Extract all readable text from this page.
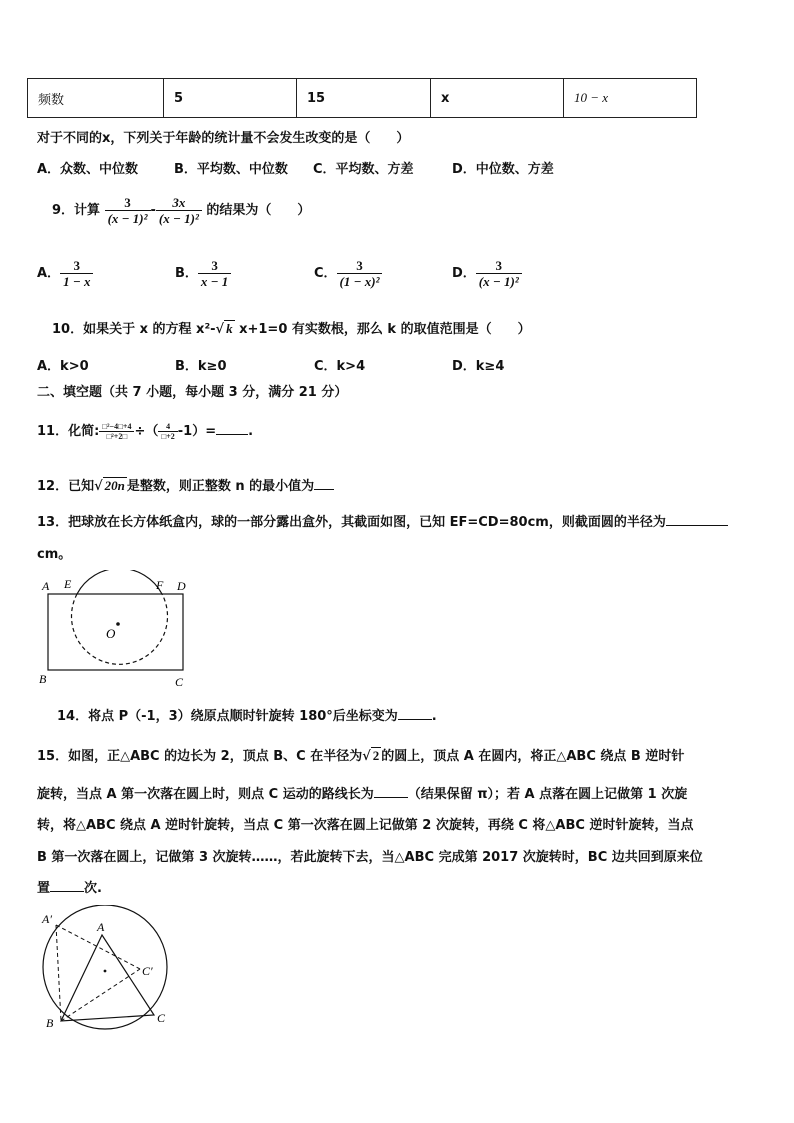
频数	5	15	x	10 − x
对于不同的x，下列关于年龄的统计量不会发生改变的是（　　）
A．众数、中位数	B．平均数、中位数 C．平均数、方差	D．中位数、方差
9．计算 $\frac{3}{\text{(x − 1)²}} - \frac{3x}{\text{(x − 1)²}}$ 的结果为（　　）
A． $\frac{3}{1 - x}$	B． $\frac{3}{x - 1}$	C． $\frac{3}{\text{(1 − x)²}}$	D． $\frac{3}{\text{(x − 1)²}}$
10．如果关于 x 的方程 x²-√ k x+1=0 有实数根，那么 k 的取值范围是（　　）
A．k>0	B．k≥0	C．k>4	D．k≥4
二、填空题（共 7 小题，每小题 3 分，满分 21 分）
11．化简: $\frac{\text{□²−4□+4}}{\text{□²+2□}}$ ÷（ $\frac{4}{□+2} -1)=$ .
12．已知√ 20n 是整数，则正整数 n 的最小值为
13．把球放在长方体纸盒内，球的一部分露出盒外，其截面如图，已知 EF=CD=80cm，则截面圆的半径为
cm。
A E	F D
O
B	C
14．将点 P（-1，3）绕原点顺时针旋转 180°后坐标变为	.
15．如图，正△ABC 的边长为 2，顶点 B、C 在半径为√ 2 的圆上，顶点 A 在圆内，将正△ABC 绕点 B 逆时针
旋转，当点 A 第一次落在圆上时，则点 C 运动的路线长为	（结果保留 π）；若 A 点落在圆上记做第 1 次旋
转，将△ABC 绕点 A 逆时针旋转，当点 C 第一次落在圆上记做第 2 次旋转，再绕 C 将△ABC 逆时针旋转，当点
B 第一次落在圆上，记做第 3 次旋转……，若此旋转下去，当△ABC 完成第 2017 次旋转时，BC 边共回到原来位
置	次.
A′
A
C′
B	C
